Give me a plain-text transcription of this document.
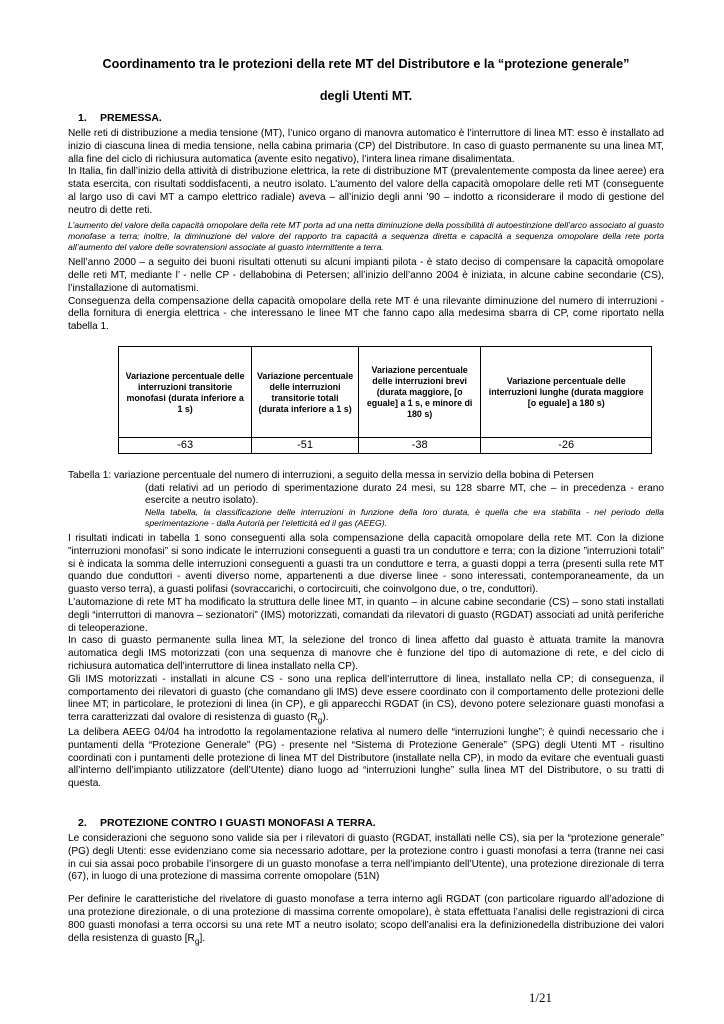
Coordinamento tra le protezioni della rete MT del Distributore e la “protezione generale”
degli Utenti MT.
1. PREMESSA.

Nelle reti di distribuzione a media tensione (MT), l’unico organo di manovra automatico è l’interruttore di linea MT: esso è installato ad inizio di ciascuna linea di media tensione, nella cabina primaria (CP) del Distributore. In caso di guasto permanente su una linea MT, alla fine del ciclo di richiusura automatica (avente esito negativo), l’intera linea rimane disalimentata.

In Italia, fin dall’inizio della attività di distribuzione elettrica, la rete di distribuzione MT (prevalentemente composta da linee aeree) era stata esercita, con risultati soddisfacenti, a neutro isolato. L’aumento del valore della capacità omopolare delle reti MT (conseguente al largo uso di cavi MT a campo elettrico radiale) aveva – all’inizio degli anni ’90 – indotto a riconsiderare il modo di gestione del neutro di dette reti.

L’aumento del valore della capacità omopolare della rete MT porta ad una netta diminuzione della possibilità di autoestinzione dell’arco associato al guasto monofase a terra; inoltre, la diminuzione del valore del rapporto tra capacità a sequenza diretta e capacità a sequenza omopolare della rete porta all’aumento del valore delle sovratensioni associate al guasto intermittente a terra.

Nell’anno 2000 – a seguito dei buoni risultati ottenuti su alcuni impianti pilota - è stato deciso di compensare la capacità omopolare delle reti MT, mediante l’ - nelle CP - dellabobina di Petersen; all’inizio dell’anno 2004 è iniziata, in alcune cabine secondarie (CS), l’installazione di automatismi.

Conseguenza della compensazione della capacità omopolare della rete MT é una rilevante diminuzione del numero di interruzioni - della fornitura di energia elettrica - che interessano le linee MT che fanno capo alla medesima sbarra di CP, come riportato nella tabella 1.

Variazione percentuale delle interruzioni transitorie monofasi (durata inferiore a 1 s)	Variazione percentuale delle interruzioni transitorie totali (durata inferiore a 1 s)	Variazione percentuale delle interruzioni brevi (durata maggiore, [o eguale] a 1 s, e minore di 180 s)	Variazione percentuale delle interruzioni lunghe (durata maggiore [o eguale] a 180 s)
-63	-51	-38	-26
Tabella 1: variazione percentuale del numero di interruzioni, a seguito della messa in servizio della bobina di Petersen
(dati relativi ad un periodo di sperimentazione durato 24 mesi, su 128 sbarre MT, che – in precedenza - erano esercite a neutro isolato).
Nella tabella, la classificazione delle interruzioni in funzione della loro durata, è quella che era stabilita - nel periodo della sperimentazione - dalla Autorià per l’eletticità ed il gas (AEEG).

I risultati indicati in tabella 1 sono conseguenti alla sola compensazione della capacità omopolare della rete MT. Con la dizione ”interruzioni monofasi” si sono indicate le interruzioni conseguenti a guasti tra un conduttore e terra; con la dizione ”interruzioni totali” si è indicata la somma delle interruzioni conseguenti a guasti tra un conduttore e terra, a guasti doppi a terra (presenti sulla rete MT quando due conduttori - aventi diverso nome, appartenenti a due diverse linee - sono interessati, contemporaneamente, da un guasto verso terra), a guasti polifasi (sovraccarichi, o cortocircuiti, che coinvolgono due, o tre, conduttori).

L’automazione di rete MT ha modificato la struttura delle linee MT, in quanto – in alcune cabine secondarie (CS) – sono stati installati degli “interruttori di manovra – sezionatori” (IMS) motorizzati, comandati da rilevatori di guasto (RGDAT) associati ad unità periferiche di teleoperazione.

In caso di guasto permanente sulla linea MT, la selezione del tronco di linea affetto dal guasto è attuata tramite la manovra automatica degli IMS motorizzati (con una sequenza di manovre che è funzione del tipo di automazione di rete, e del ciclo di richiusura automatica dell’interruttore di linea installato nella CP).

Gli IMS motorizzati - installati in alcune CS - sono una replica dell’interruttore di linea, installato nella CP; di conseguenza, il comportamento dei rilevatori di guasto (che comandano gli IMS) deve essere coordinato con il comportamento delle protezioni delle linee MT; in particolare, le protezioni di linea (in CP), e gli apparecchi RGDAT (in CS), devono potere selezionare guasti monofasi a terra caratterizzati dal ovalore di resistenza di guasto $(R_g)$.

La delibera AEEG 04/04 ha introdotto la regolamentazione relativa al numero delle “interruzioni lunghe”; è quindi necessario che i puntamenti della “Protezione Generale” (PG) - presente nel “Sistema di Protezione Generale” (SPG) degli Utenti MT - risultino coordinati con i puntamenti delle protezione di linea MT del Distributore (installate nella CP), in modo da evitare che eventuali guasti all’interno dell’impianto utilizzatore (dell’Utente) diano luogo ad “interruzioni lunghe” sulla linea MT del Distributore, o su tratti di questa.

2. PROTEZIONE CONTRO I GUASTI MONOFASI A TERRA.

Le considerazioni che seguono sono valide sia per i rilevatori di guasto (RGDAT, installati nelle CS), sia per la “protezione generale” (PG) degli Utenti: esse evidenziano come sia necessario adottare, per la protezione contro i guasti monofasi a terra (tranne nei casi in cui sia assai poco probabile l’insorgere di un guasto monofase a terra nell’impianto dell’Utente), una protezione direzionale di terra (67), in luogo di una protezione di massima corrente omopolare (51N)

Per definire le caratteristiche del rivelatore di guasto monofase a terra interno agli RGDAT (con particolare riguardo all’adozione di una protezione direzionale, o di una protezione di massima corrente omopolare), è stata effettuata l’analisi delle registrazioni di circa 800 guasti monofasi a terra occorsi su una rete MT a neutro isolato; scopo dell’analisi era la definizionedella distribuzione dei valori della resistenza di guasto $[R_g]$.

1/21
